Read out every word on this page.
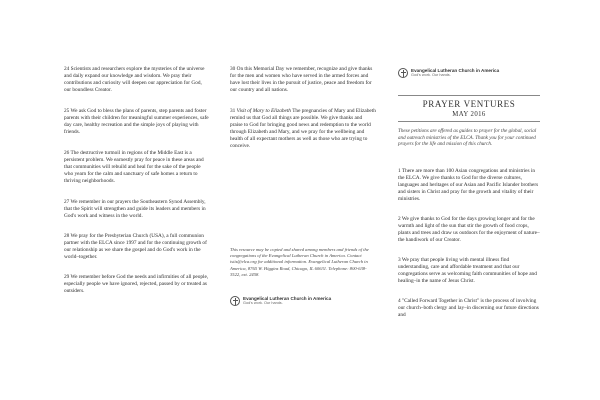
24 Scientists and researchers explore the mysteries of the universe and daily expand our knowledge and wisdom. We pray their contributions and curiosity will deepen our appreciation for God, our boundless Creator.

25 We ask God to bless the plans of parents, step parents and foster parents with their children for meaningful summer experiences, safe day care, healthy recreation and the simple joys of playing with friends.

26 The destructive turmoil in regions of the Middle East is a persistent problem. We earnestly pray for peace in these areas and that communities will rebuild and heal for the sake of the people who yearn for the calm and sanctuary of safe homes a return to thriving neighborhoods.

27 We remember in our prayers the Southeastern Synod Assembly, that the Spirit will strengthen and guide its leaders and members in God's work and witness in the world.

28 We pray for the Presbyterian Church (USA), a full communion partner with the ELCA since 1997 and for the continuing growth of our relationship as we share the gospel and do God's work in the world–together.

29 We remember before God the needs and infirmities of all people, especially people we have ignored, rejected, passed by or treated as outsiders.

30 On this Memorial Day we remember, recognize and give thanks for the men and women who have served in the armed forces and have lost their lives in the pursuit of justice, peace and freedom for our country and all nations.

31 Visit of Mary to Elizabeth The pregnancies of Mary and Elizabeth remind us that God all things are possible. We give thanks and praise to God for bringing good news and redemption to the world through Elizabeth and Mary, and we pray for the wellbeing and health of all expectant mothers as well as those who are trying to conceive.

This resource may be copied and shared among members and friends of the congregations of the Evangelical Lutheran Church in America. Contact isiis@elca.org for additional information. Evangelical Lutheran Church in America, 8765 W. Higgins Road, Chicago, IL 60631. Telephone: 800-638-3522, ext. 2458.

Evangelical Lutheran Church in America
God's work. Our hands.
Evangelical Lutheran Church in America
God's work. Our hands.
PRAYER VENTURES
MAY 2016

These petitions are offered as guides to prayer for the global, social and outreach ministries of the ELCA. Thank you for your continued prayers for the life and mission of this church.

1 There are more than 100 Asian congregations and ministries in the ELCA. We give thanks to God for the diverse cultures, languages and heritages of our Asian and Pacific Islander brothers and sisters in Christ and pray for the growth and vitality of their ministries.

2 We give thanks to God for the days growing longer and for the warmth and light of the sun that stir the growth of food crops, plants and trees and draw us outdoors for the enjoyment of nature–the handiwork of our Creator.

3 We pray that people living with mental illness find understanding, care and affordable treatment and that our congregations serve as welcoming faith communities of hope and healing–in the name of Jesus Christ.

4 "Called Forward Together in Christ" is the process of involving our church–both clergy and lay–in discerning our future directions and
